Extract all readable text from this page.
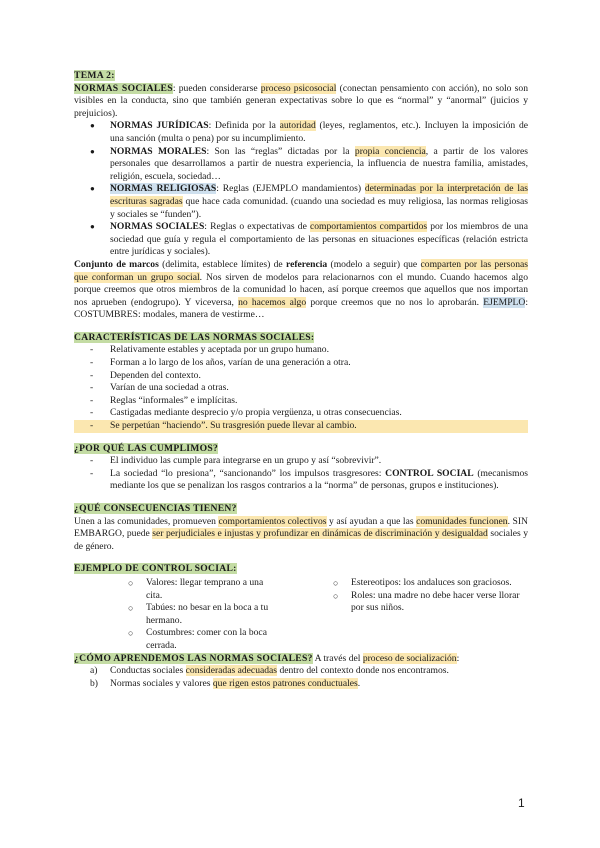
TEMA 2:

NORMAS SOCIALES: pueden considerarse proceso psicosocial (conectan pensamiento con acción), no solo son visibles en la conducta, sino que también generan expectativas sobre lo que es “normal” y “anormal” (juicios y prejuicios).

● NORMAS JURÍDICAS: Definida por la autoridad (leyes, reglamentos, etc.). Incluyen la imposición de una sanción (multa o pena) por su incumplimiento.
● NORMAS MORALES: Son las “reglas” dictadas por la propia conciencia, a partir de los valores personales que desarrollamos a partir de nuestra experiencia, la influencia de nuestra familia, amistades, religión, escuela, sociedad…
● NORMAS RELIGIOSAS: Reglas (EJEMPLO mandamientos) determinadas por la interpretación de las escrituras sagradas que hace cada comunidad. (cuando una sociedad es muy religiosa, las normas religiosas y sociales se “funden”).
● NORMAS SOCIALES: Reglas o expectativas de comportamientos compartidos por los miembros de una sociedad que guía y regula el comportamiento de las personas en situaciones específicas (relación estricta entre jurídicas y sociales).

Conjunto de marcos (delimita, establece límites) de referencia (modelo a seguir) que comparten por las personas que conforman un grupo social. Nos sirven de modelos para relacionarnos con el mundo. Cuando hacemos algo porque creemos que otros miembros de la comunidad lo hacen, así porque creemos que aquellos que nos importan nos aprueben (endogrupo). Y viceversa, no hacemos algo porque creemos que no nos lo aprobarán. EJEMPLO: COSTUMBRES: modales, manera de vestirme…

CARACTERÍSTICAS DE LAS NORMAS SOCIALES:

- Relativamente estables y aceptada por un grupo humano.
- Forman a lo largo de los años, varían de una generación a otra.
- Dependen del contexto.
- Varían de una sociedad a otras.
- Reglas “informales” e implícitas.
- Castigadas mediante desprecio y/o propia vergüenza, u otras consecuencias.
- Se perpetúan “haciendo”. Su trasgresión puede llevar al cambio.

¿POR QUÉ LAS CUMPLIMOS?

- El individuo las cumple para integrarse en un grupo y así “sobrevivir”.
- La sociedad “lo presiona”, “sancionando” los impulsos trasgresores: CONTROL SOCIAL (mecanismos mediante los que se penalizan los rasgos contrarios a la “norma” de personas, grupos e instituciones).

¿QUÉ CONSECUENCIAS TIENEN?

Unen a las comunidades, promueven comportamientos colectivos y así ayudan a que las comunidades funcionen. SIN EMBARGO, puede ser perjudiciales e injustas y profundizar en dinámicas de discriminación y desigualdad sociales y de género.

EJEMPLO DE CONTROL SOCIAL:

○ Valores: llegar temprano a una cita.
○ Tabúes: no besar en la boca a tu hermano.
○ Costumbres: comer con la boca cerrada.
○ Estereotipos: los andaluces son graciosos.
○ Roles: una madre no debe hacer verse llorar por sus niños.

¿CÓMO APRENDEMOS LAS NORMAS SOCIALES? A través del proceso de socialización:

a) Conductas sociales consideradas adecuadas dentro del contexto donde nos encontramos.
b) Normas sociales y valores que rigen estos patrones conductuales.
1
